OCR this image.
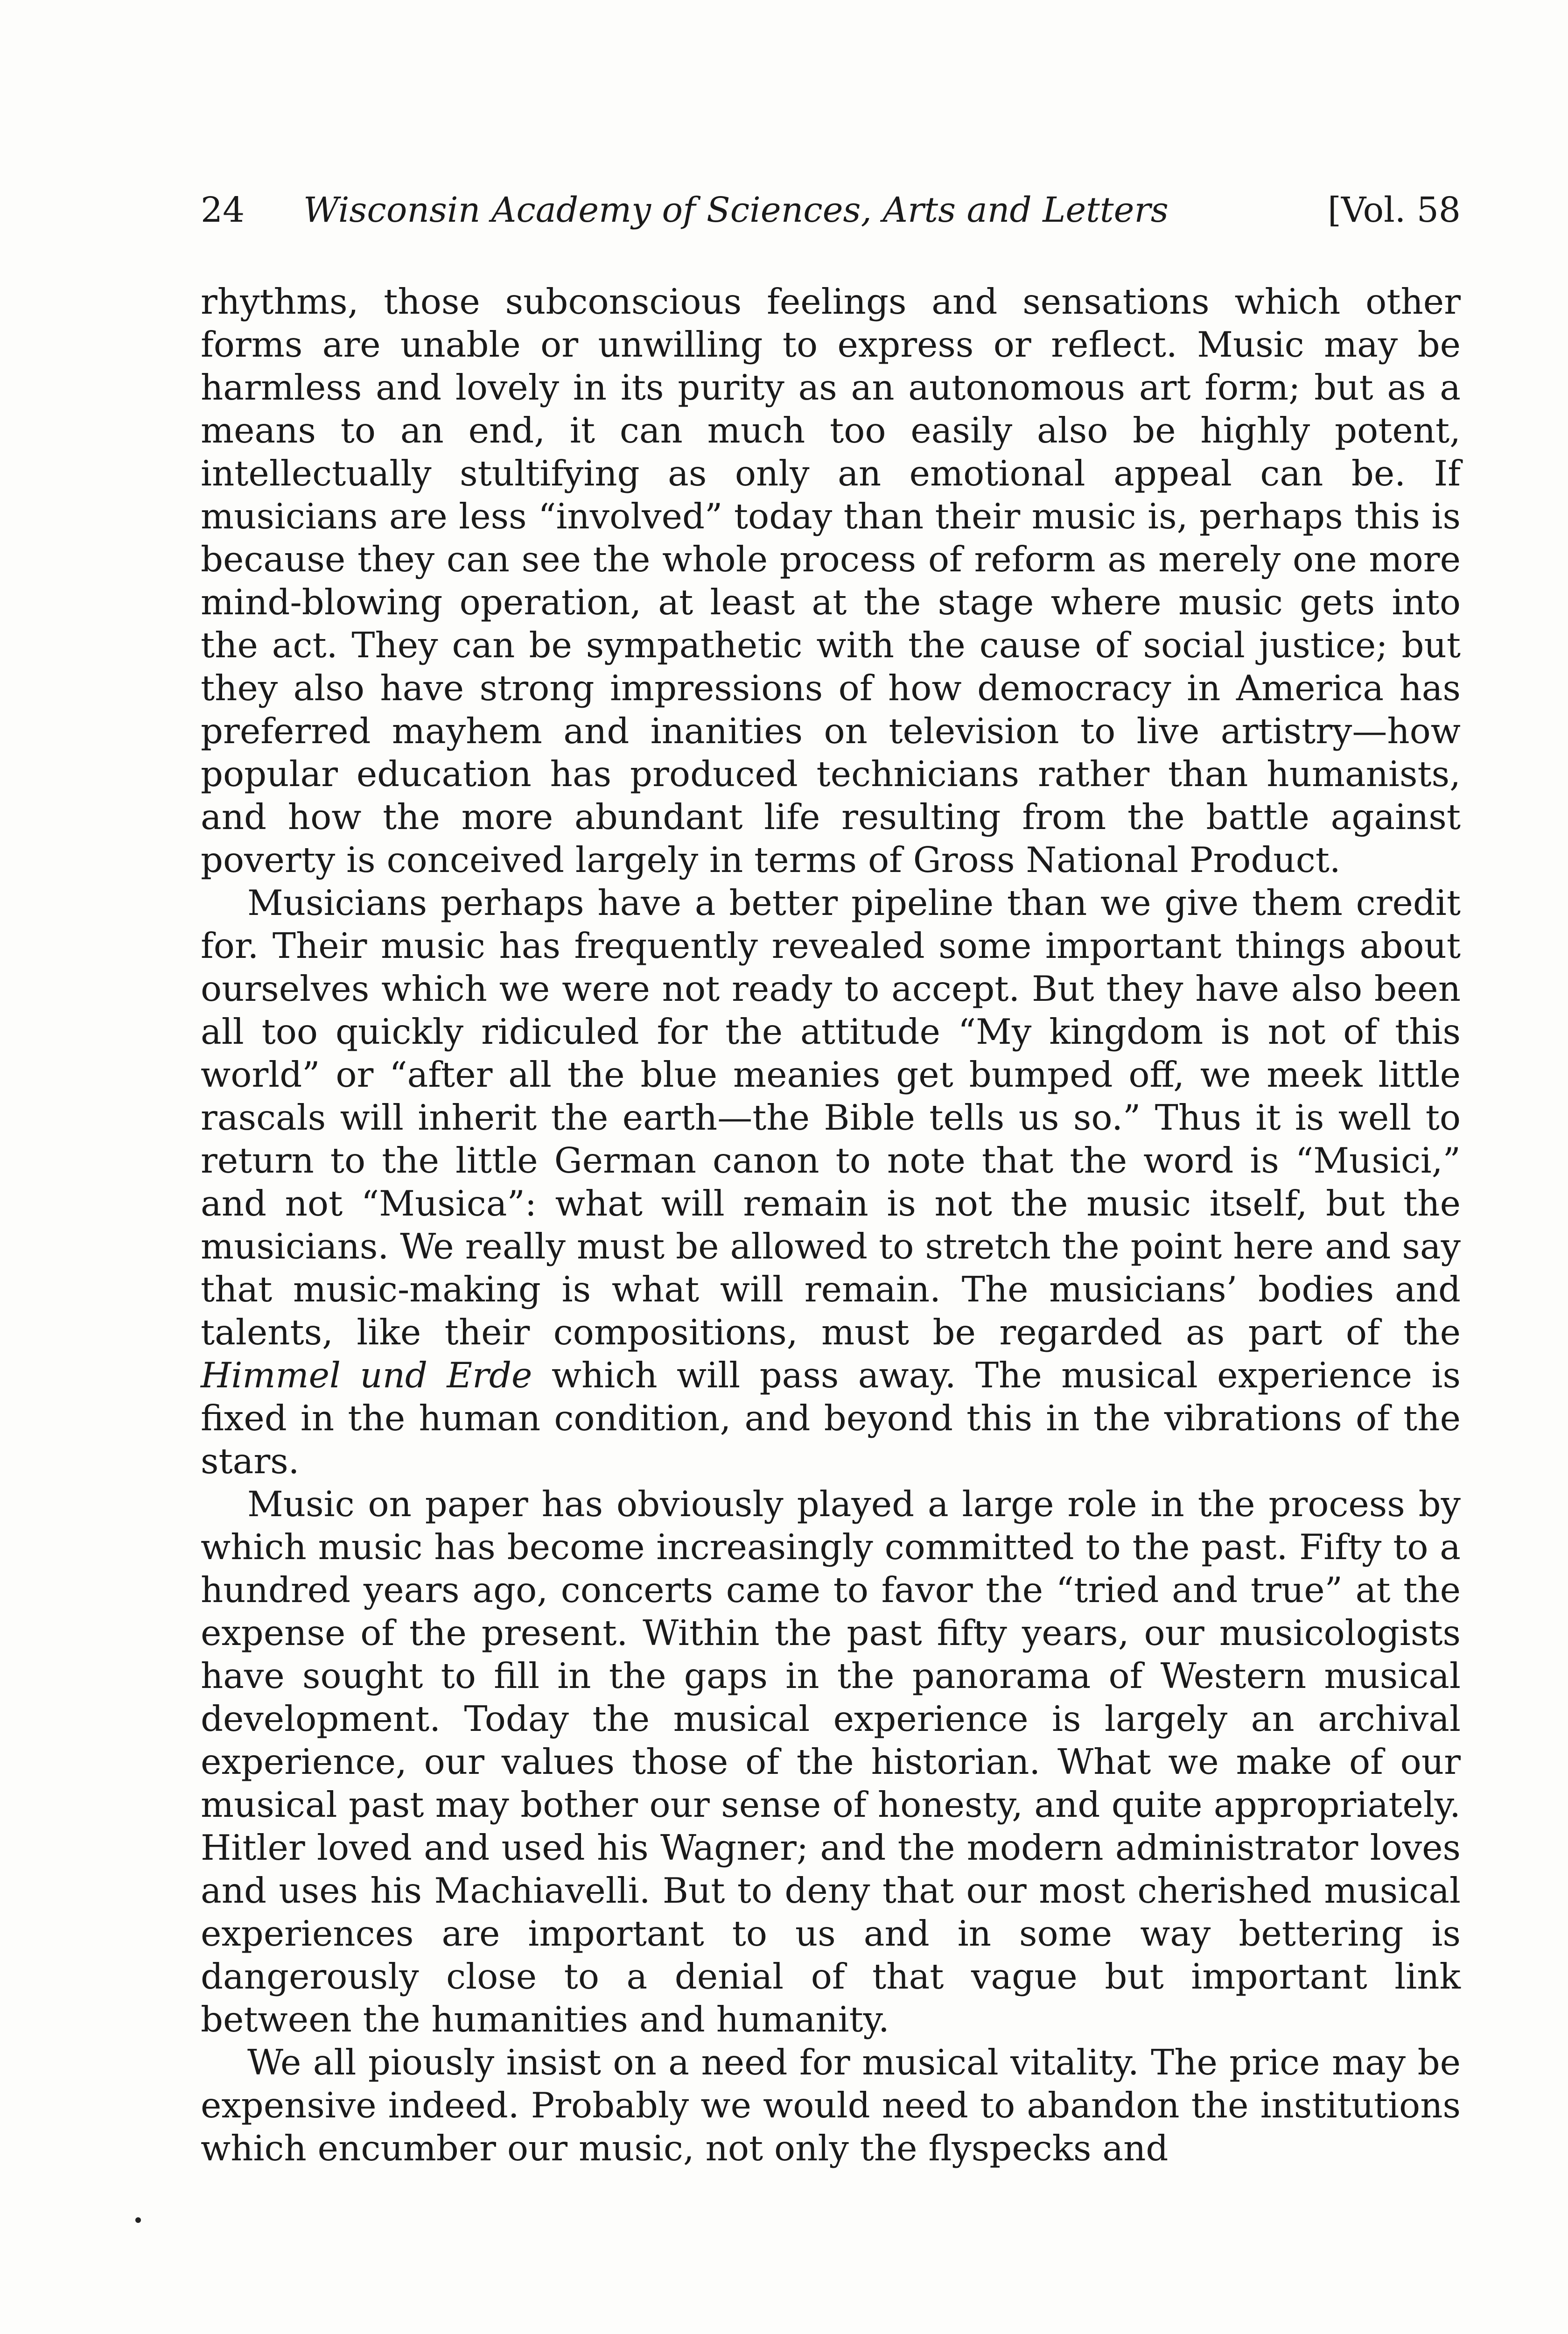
24 Wisconsin Academy of Sciences, Arts and Letters	[Vol. 58

rhythms, those subconscious feelings and sensations which other forms are unable or unwilling to express or reflect. Music may be harmless and lovely in its purity as an autonomous art form; but as a means to an end, it can much too easily also be highly potent, intellectually stultifying as only an emotional appeal can be. If musicians are less “involved” today than their music is, perhaps this is because they can see the whole process of reform as merely one more mind-blowing operation, at least at the stage where music gets into the act. They can be sympathetic with the cause of social justice; but they also have strong impressions of how democracy in America has preferred mayhem and inanities on television to live artistry—how popular education has produced technicians rather than humanists, and how the more abundant life resulting from the battle against poverty is conceived largely in terms of Gross National Product.

Musicians perhaps have a better pipeline than we give them credit for. Their music has frequently revealed some important things about ourselves which we were not ready to accept. But they have also been all too quickly ridiculed for the attitude “My kingdom is not of this world” or “after all the blue meanies get bumped off, we meek little rascals will inherit the earth—the Bible tells us so.” Thus it is well to return to the little German canon to note that the word is “Musici,” and not “Musica”: what will remain is not the music itself, but the musicians. We really must be allowed to stretch the point here and say that music-making is what will remain. The musicians’ bodies and talents, like their compositions, must be regarded as part of the Himmel und Erde which will pass away. The musical experience is fixed in the human condition, and beyond this in the vibrations of the stars.

Music on paper has obviously played a large role in the process by which music has become increasingly committed to the past. Fifty to a hundred years ago, concerts came to favor the “tried and true” at the expense of the present. Within the past fifty years, our musicologists have sought to fill in the gaps in the panorama of Western musical development. Today the musical experience is largely an archival experience, our values those of the historian. What we make of our musical past may bother our sense of honesty, and quite appropriately. Hitler loved and used his Wagner; and the modern administrator loves and uses his Machiavelli. But to deny that our most cherished musical experiences are important to us and in some way bettering is dangerously close to a denial of that vague but important link between the humanities and humanity.

We all piously insist on a need for musical vitality. The price may be expensive indeed. Probably we would need to abandon the institutions which encumber our music, not only the flyspecks and
